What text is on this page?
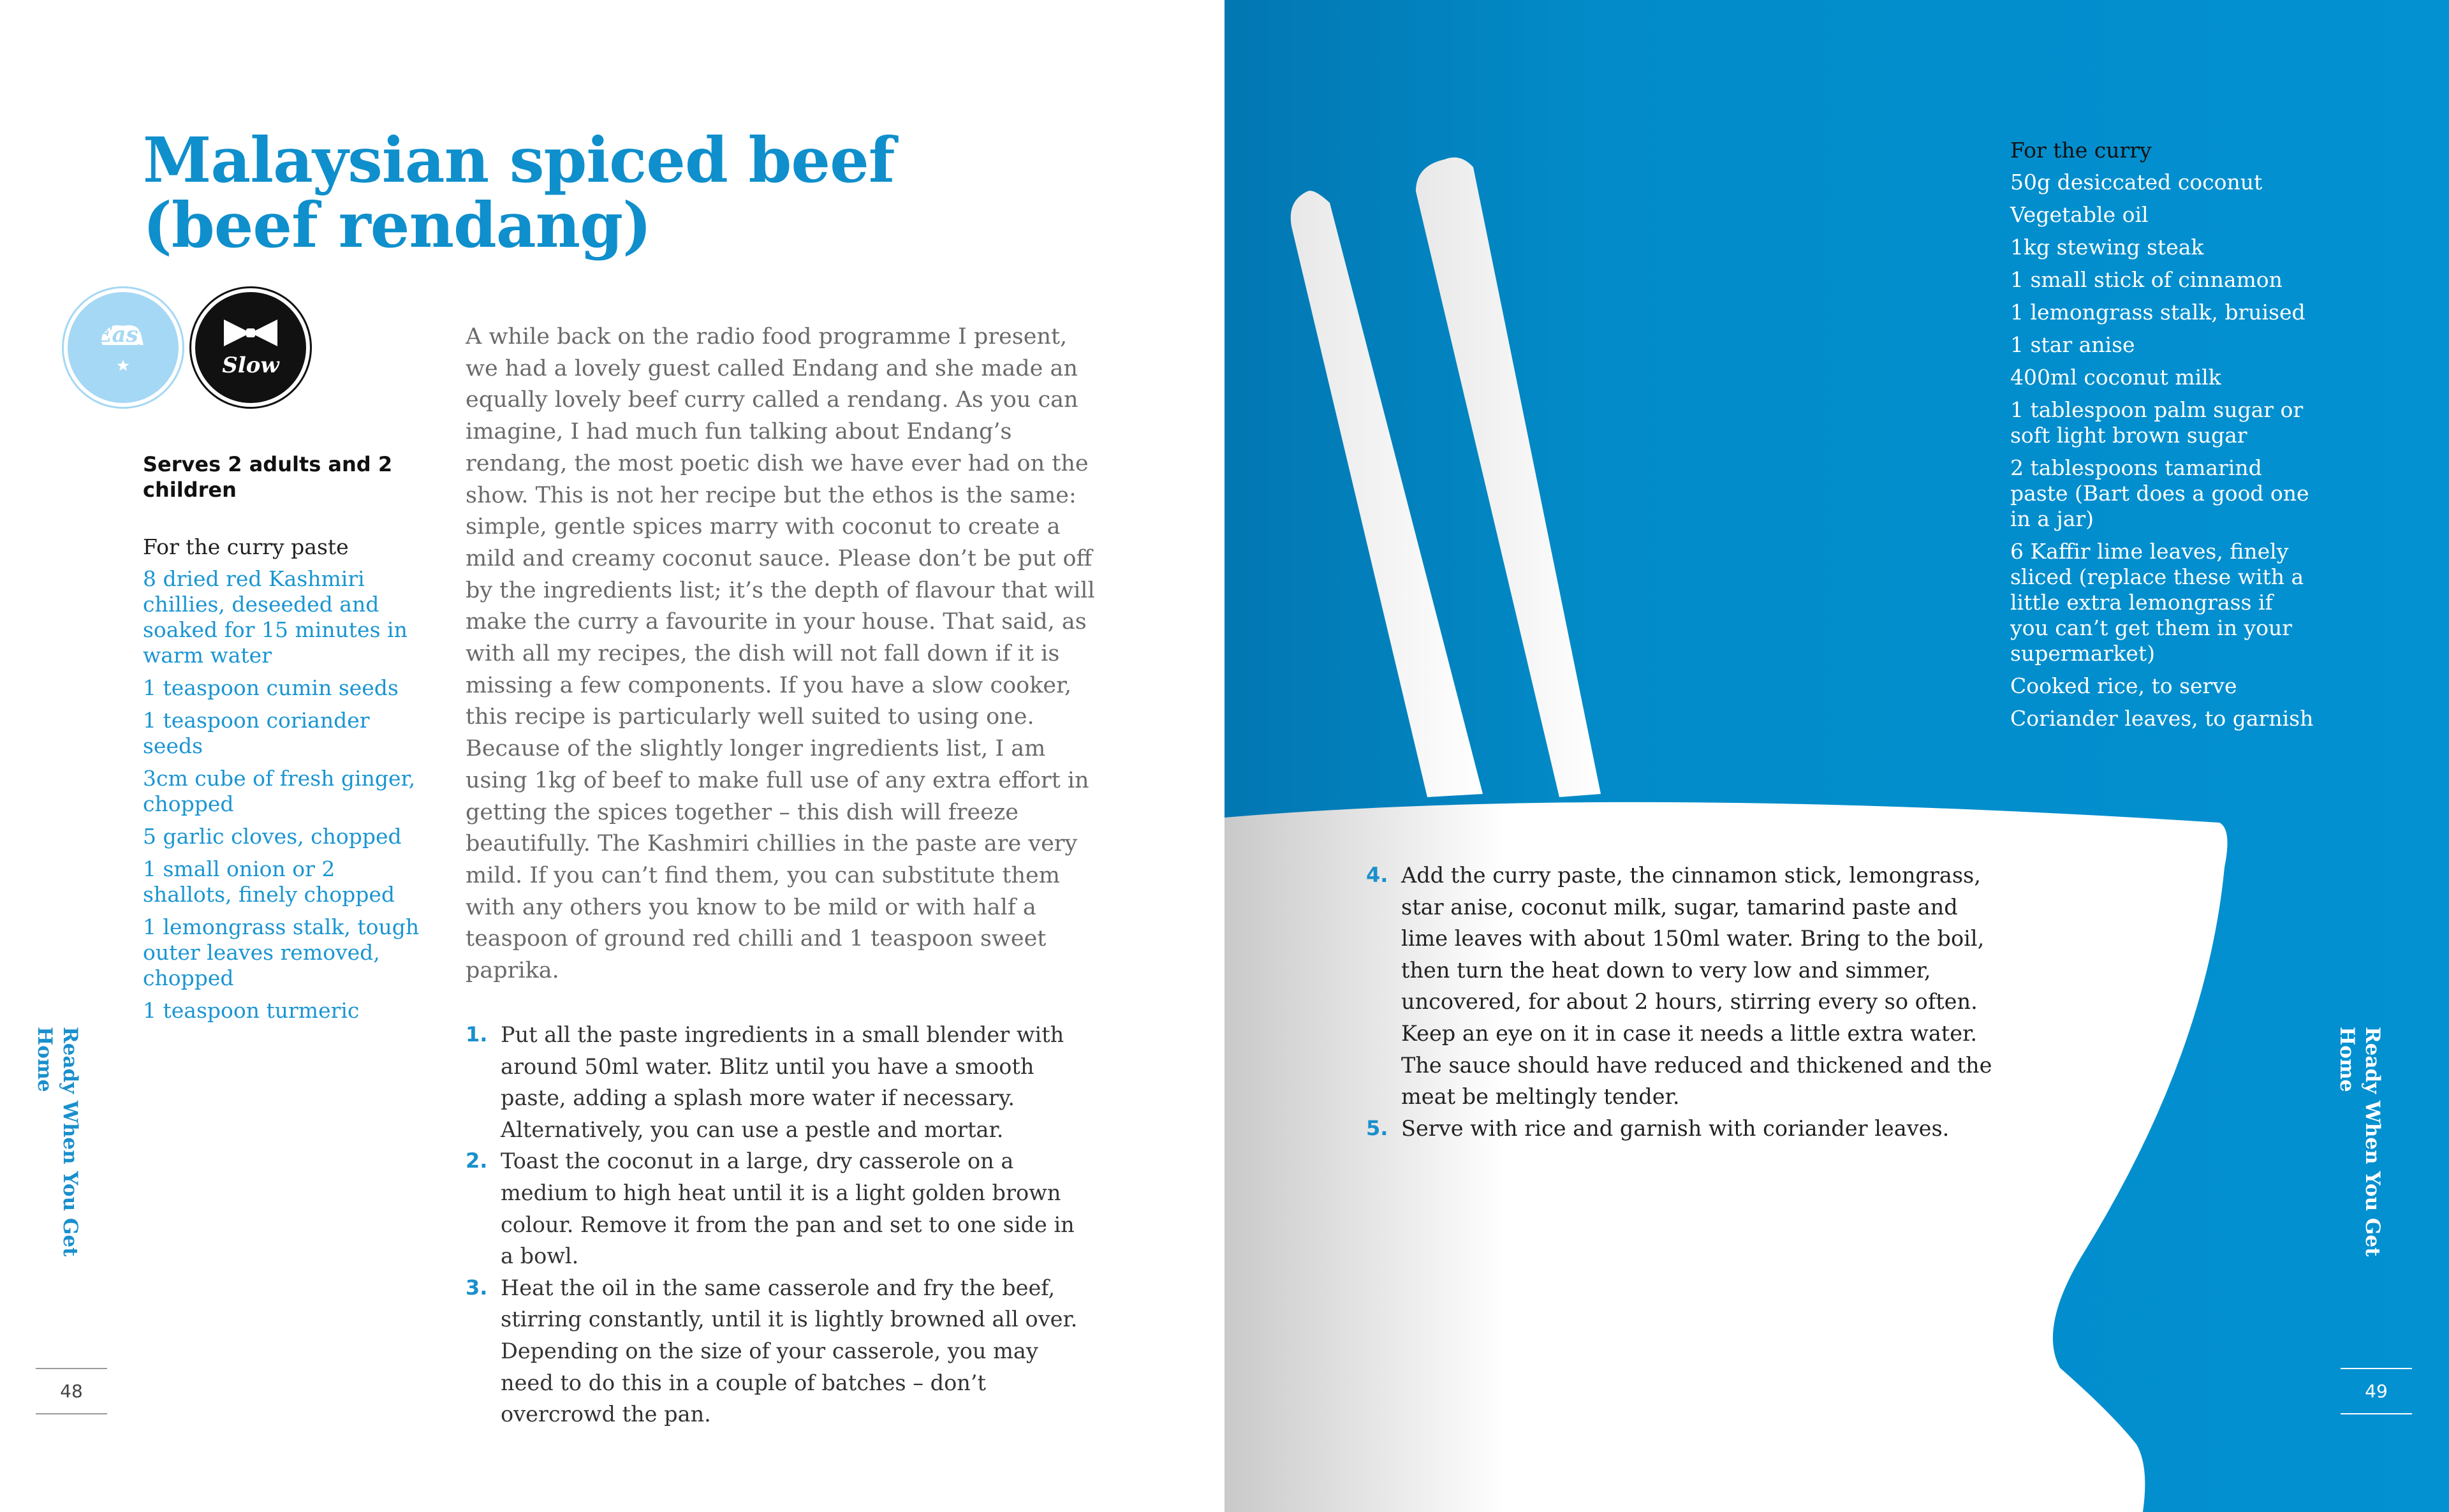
Malaysian spiced beef
(beef rendang)
Easy
Slow
Serves 2 adults and 2 children
For the curry paste
8 dried red Kashmiri chillies, deseeded and soaked for 15 minutes in warm water
1 teaspoon cumin seeds
1 teaspoon coriander seeds
3cm cube of fresh ginger, chopped
5 garlic cloves, chopped
1 small onion or 2 shallots, finely chopped
1 lemongrass stalk, tough outer leaves removed, chopped
1 teaspoon turmeric

A while back on the radio food programme I present, we had a lovely guest called Endang and she made an equally lovely beef curry called a rendang. As you can imagine, I had much fun talking about Endang’s rendang, the most poetic dish we have ever had on the show. This is not her recipe but the ethos is the same: simple, gentle spices marry with coconut to create a mild and creamy coconut sauce. Please don’t be put off by the ingredients list; it’s the depth of flavour that will make the curry a favourite in your house. That said, as with all my recipes, the dish will not fall down if it is missing a few components. If you have a slow cooker, this recipe is particularly well suited to using one. Because of the slightly longer ingredients list, I am using 1kg of beef to make full use of any extra effort in getting the spices together – this dish will freeze beautifully. The Kashmiri chillies in the paste are very mild. If you can’t find them, you can substitute them with any others you know to be mild or with half a teaspoon of ground red chilli and 1 teaspoon sweet paprika.

1. Put all the paste ingredients in a small blender with around 50ml water. Blitz until you have a smooth paste, adding a splash more water if necessary. Alternatively, you can use a pestle and mortar.
2. Toast the coconut in a large, dry casserole on a medium to high heat until it is a light golden brown colour. Remove it from the pan and set to one side in a bowl.
3. Heat the oil in the same casserole and fry the beef, stirring constantly, until it is lightly browned all over. Depending on the size of your casserole, you may need to do this in a couple of batches – don’t overcrowd the pan.
Ready When You Get Home
48
For the curry
50g desiccated coconut
Vegetable oil
1kg stewing steak
1 small stick of cinnamon
1 lemongrass stalk, bruised
1 star anise
400ml coconut milk
1 tablespoon palm sugar or soft light brown sugar
2 tablespoons tamarind paste (Bart does a good one in a jar)
6 Kaffir lime leaves, finely sliced (replace these with a little extra lemongrass if you can’t get them in your supermarket)
Cooked rice, to serve
Coriander leaves, to garnish
4. Add the curry paste, the cinnamon stick, lemongrass, star anise, coconut milk, sugar, tamarind paste and lime leaves with about 150ml water. Bring to the boil, then turn the heat down to very low and simmer, uncovered, for about 2 hours, stirring every so often. Keep an eye on it in case it needs a little extra water. The sauce should have reduced and thickened and the meat be meltingly tender.
5. Serve with rice and garnish with coriander leaves.	Ready When You Get Home
49
